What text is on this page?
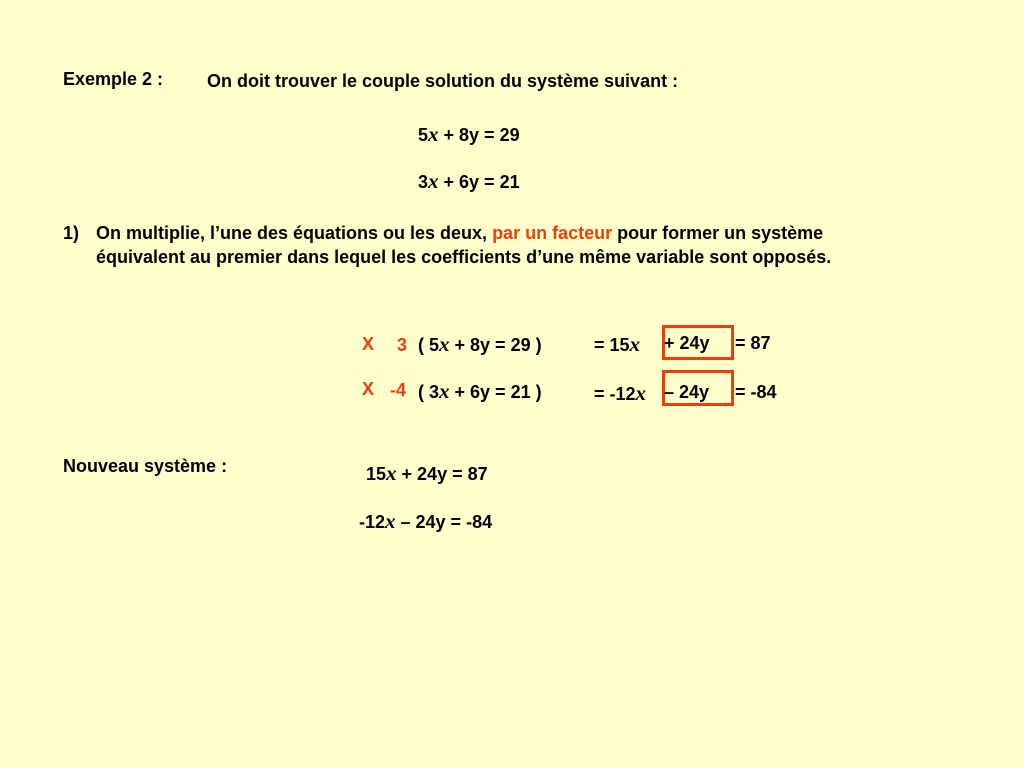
Exemple 2 : On doit trouver le couple solution du système suivant :
5x + 8y = 29
3x + 6y = 21
1) On multiplie, l’une des équations ou les deux, par un facteur pour former un système équivalent au premier dans lequel les coefficients d’une même variable sont opposés.
X 3 ( 5x + 8y = 29 )	= 15x + 24y = 87
X -4 ( 3x + 6y = 21 )	= -12x – 24y = -84
Nouveau système :	15x + 24y = 87
-12x – 24y = -84
